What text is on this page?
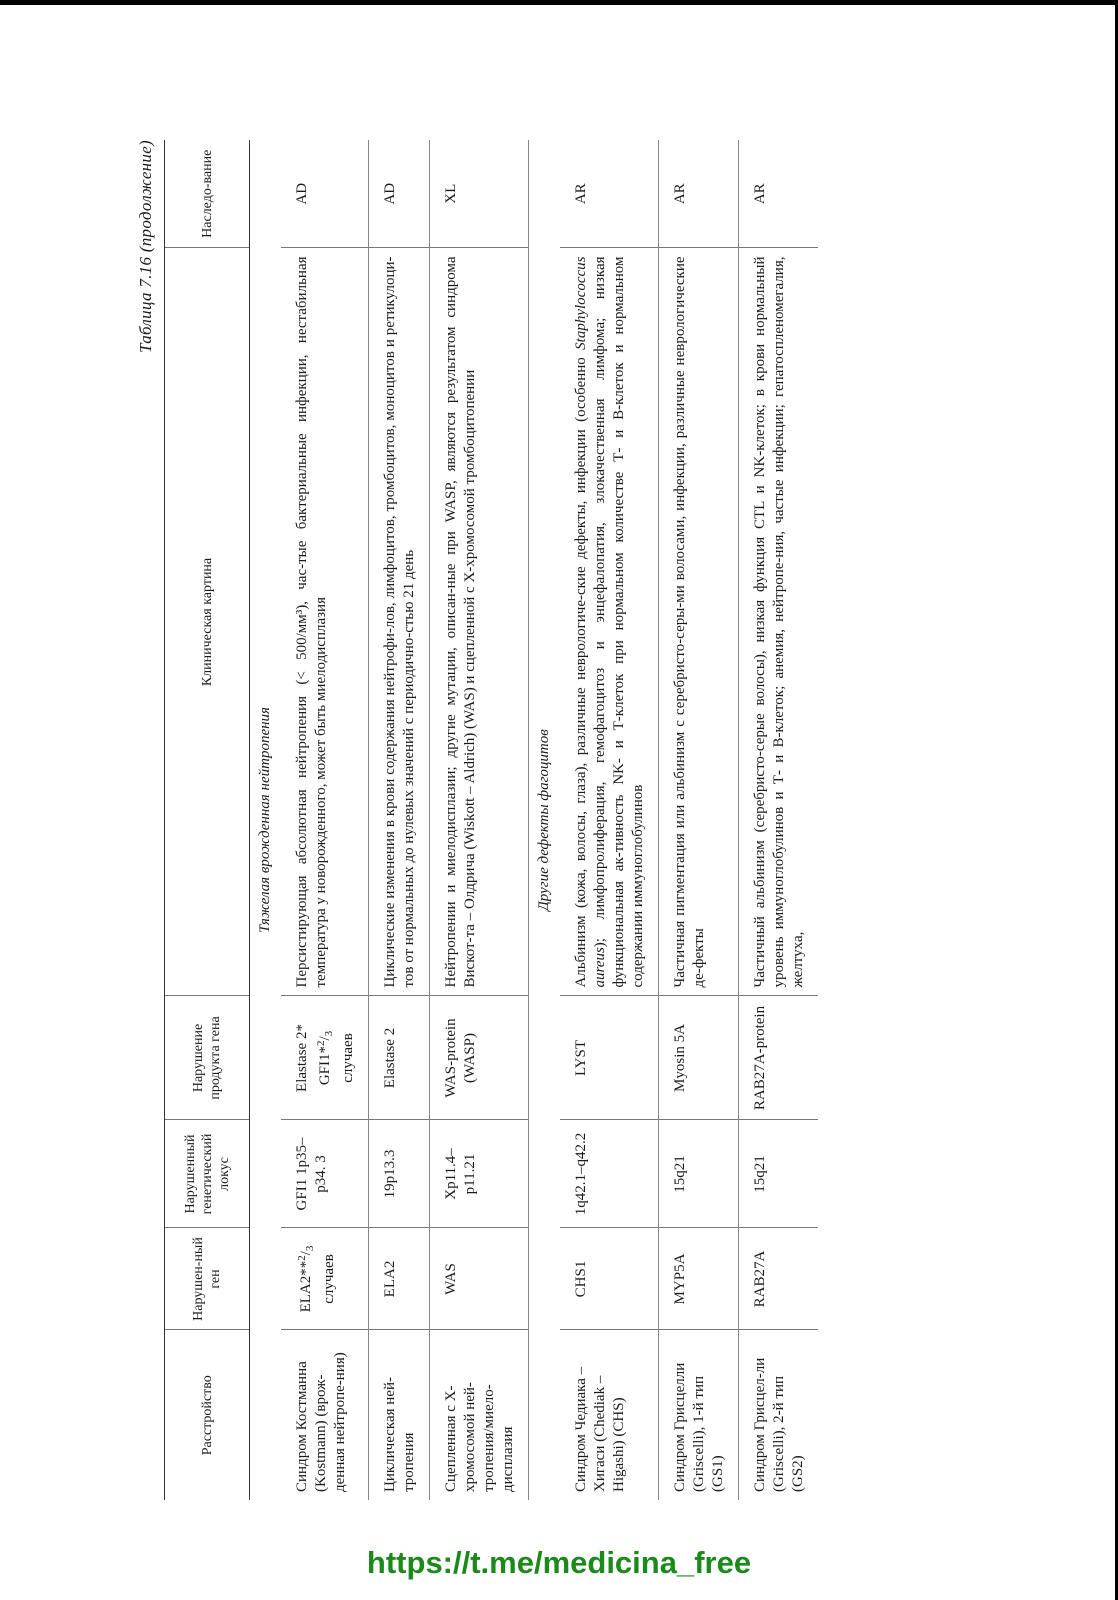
Таблица 7.16 (продолжение)
Расстройство	Нарушен-ный ген	Нарушенный генетический локус	Нарушение продукта гена	Клиническая картина	Наследо-вание
Тяжелая врожденная нейтропения					
Синдром Костманна (Kostmann) (врож-денная нейтропе-ния)	$ELA2**^2/_3$ случаев	GFI1 1p35–p34. 3	Elastase 2* $GFI1*^2/_3$ случаев	Персистирующая абсолютная нейтропения (< 500/мм³), час-тые бактериальные инфекции, нестабильная температура у новорожденного, может быть миелодисплазия	AD
Циклическая ней-тропения	ELA2	19p13.3	Elastase 2	Циклические изменения в крови содержания нейтрофи-лов, лимфоцитов, тромбоцитов, моноцитов и ретикулоци-тов от нормальных до нулевых значений с периодично-стью 21 день	AD
Сцепленная с Х-хромосомой ней-тропения/миело-дисплазия	WAS	Xp11.4–p11.21	WAS-protein (WASP)	Нейтропении и миелодисплазии; другие мутации, описан-ные при WASP, являются результатом синдрома Вискот-та – Олдрича (Wiskott – Aldrich) (WAS) и сцепленной с Х-хромосомой тромбоцитопении	XL
Другие дефекты фагоцитов					
Синдром Чедиака – Хигаси (Chediak – Higashi) (CHS)	CHS1	1q42.1–q42.2	LYST	Альбинизм (кожа, волосы, глаза), различные неврологиче-ские дефекты, инфекции (особенно Staphylococcus aureus); лимфопролиферация, гемофагоцитоз и энцефалопатия, злокачественная лимфома; низкая функциональная ак-тивность NK- и Т-клеток при нормальном количестве Т- и В-клеток и нормальном содержании иммуноглобулинов	AR
Синдром Грисцелли (Griscelli), 1-й тип (GS1)	MYP5A	15q21	Myosin 5A	Частичная пигментация или альбинизм с серебристо-серы-ми волосами, инфекции, различные неврологические де-фекты	AR
Синдром Грисцел-ли (Griscelli), 2-й тип (GS2)	RAB27A	15q21	RAB27A-protein	Частичный альбинизм (серебристо-серые волосы), низкая функция CTL и NK-клеток; в крови нормальный уровень иммуноглобулинов и Т- и В-клеток; анемия, нейтропе-ния, частые инфекции; гепатоспленомегалия, желтуха,	AR
https://t.me/medicina_free
